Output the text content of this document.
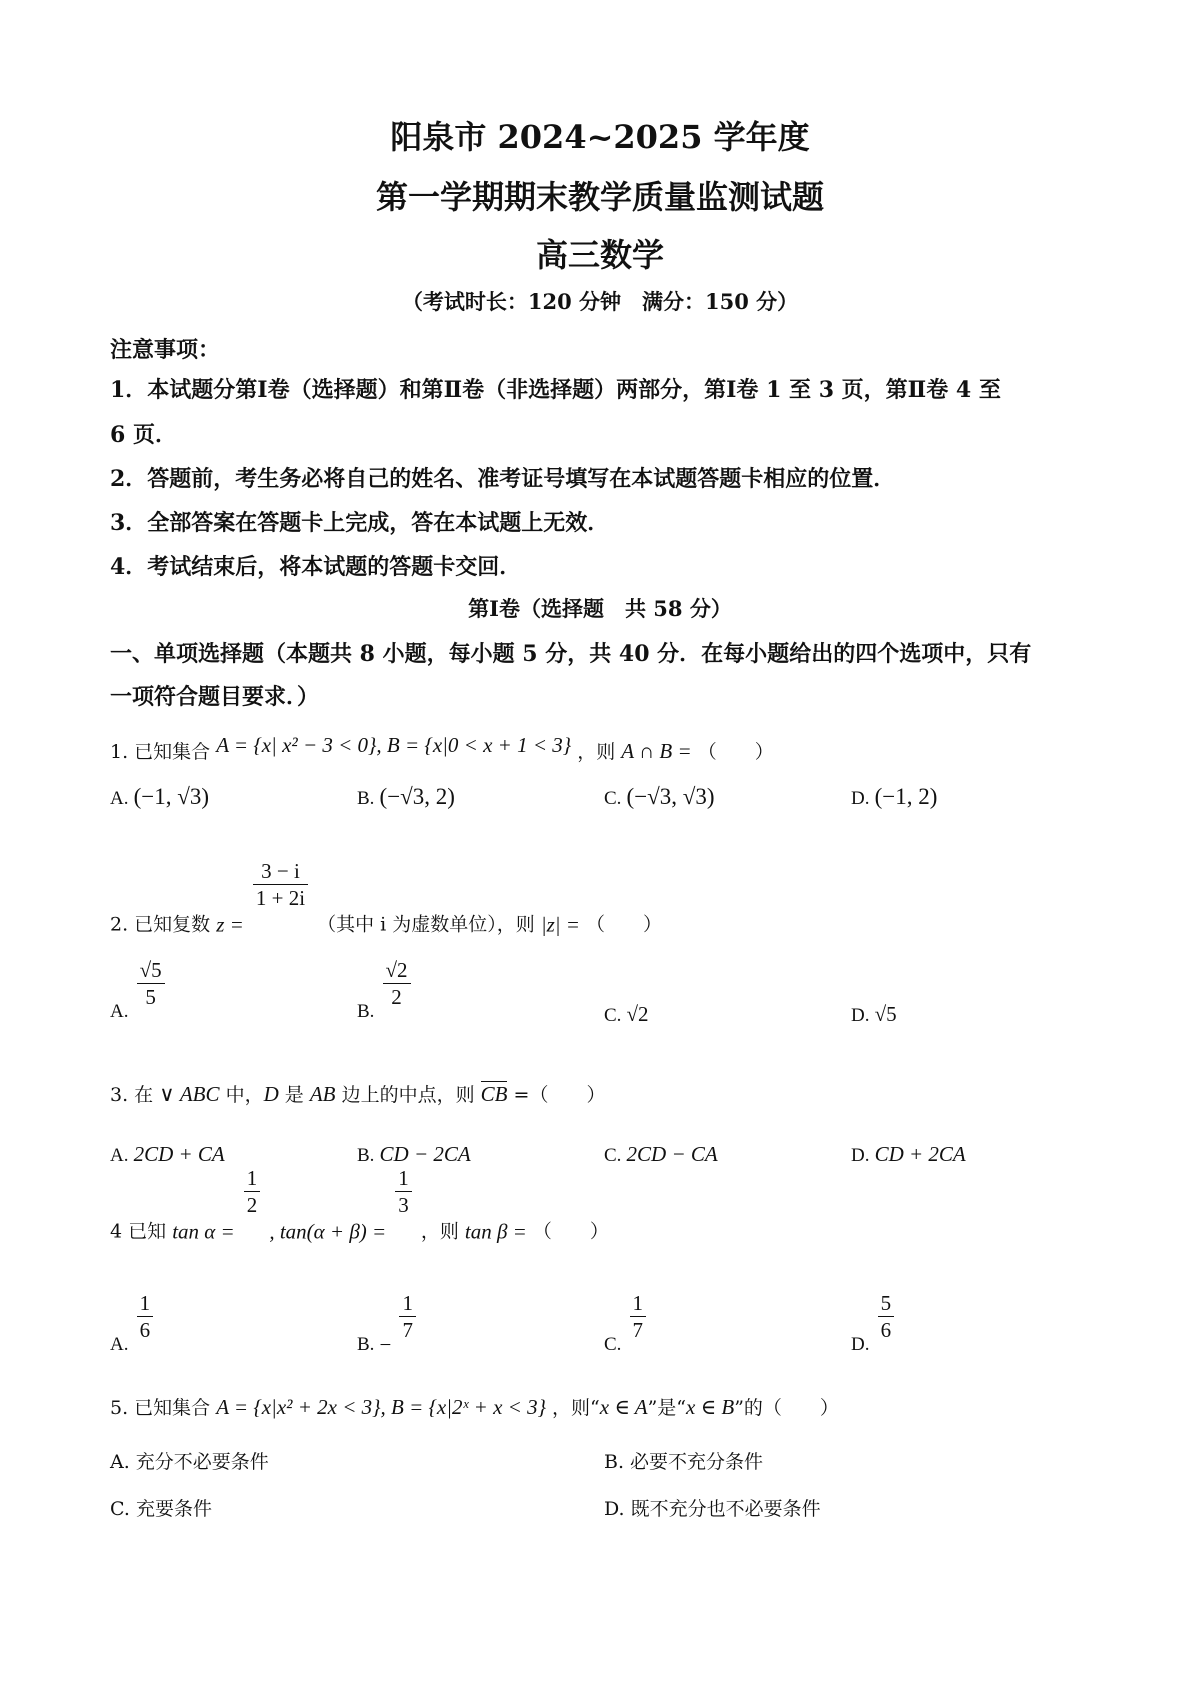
阳泉市 2024~2025 学年度
第一学期期末教学质量监测试题
高三数学
（考试时长：120 分钟　满分：150 分）
注意事项：
1．本试题分第Ⅰ卷（选择题）和第Ⅱ卷（非选择题）两部分，第Ⅰ卷 1 至 3 页，第Ⅱ卷 4 至
6 页．
2．答题前，考生务必将自己的姓名、准考证号填写在本试题答题卡相应的位置．
3．全部答案在答题卡上完成，答在本试题上无效．
4．考试结束后，将本试题的答题卡交回．
第Ⅰ卷（选择题　共 58 分）
一、单项选择题（本题共 8 小题，每小题 5 分，共 40 分．在每小题给出的四个选项中，只有
一项符合题目要求．）
1. 已知集合 A = {x| x² − 3 < 0}, B = {x|0 < x + 1 < 3} ，则 A ∩ B = （　　）
A. (−1, √3)	B. (−√3, 2)	C. (−√3, √3)	D. (−1, 2)
2. 已知复数 z =
$\frac{3 - i}{1 + 2i}$
（其中 i 为虚数单位），则 |z| = （　　）
A.
$\frac{√5}{5}$
B.
$\frac{√2}{2}$
C. √2	D. √5
3. 在 ∨ ABC 中，D 是 AB 边上的中点，则 CB =（　　）
A. 2CD + CA	B. CD − 2CA	C. 2CD − CA	D. CD + 2CA
4 已知 tan α =
$\frac{1}{2}$
, tan(α + β) =
$\frac{1}{3}$
，则 tan β = （　　）
A.
$\frac{1}{6}$
B. −
$\frac{1}{7}$
C.
$\frac{1}{7}$
D.
$\frac{5}{6}$
5. 已知集合 A = {x|x² + 2x < 3}, B = {x|2ˣ + x < 3} ，则“x ∈ A”是“x ∈ B”的（　　）
A. 充分不必要条件	B. 必要不充分条件
C. 充要条件	D. 既不充分也不必要条件
